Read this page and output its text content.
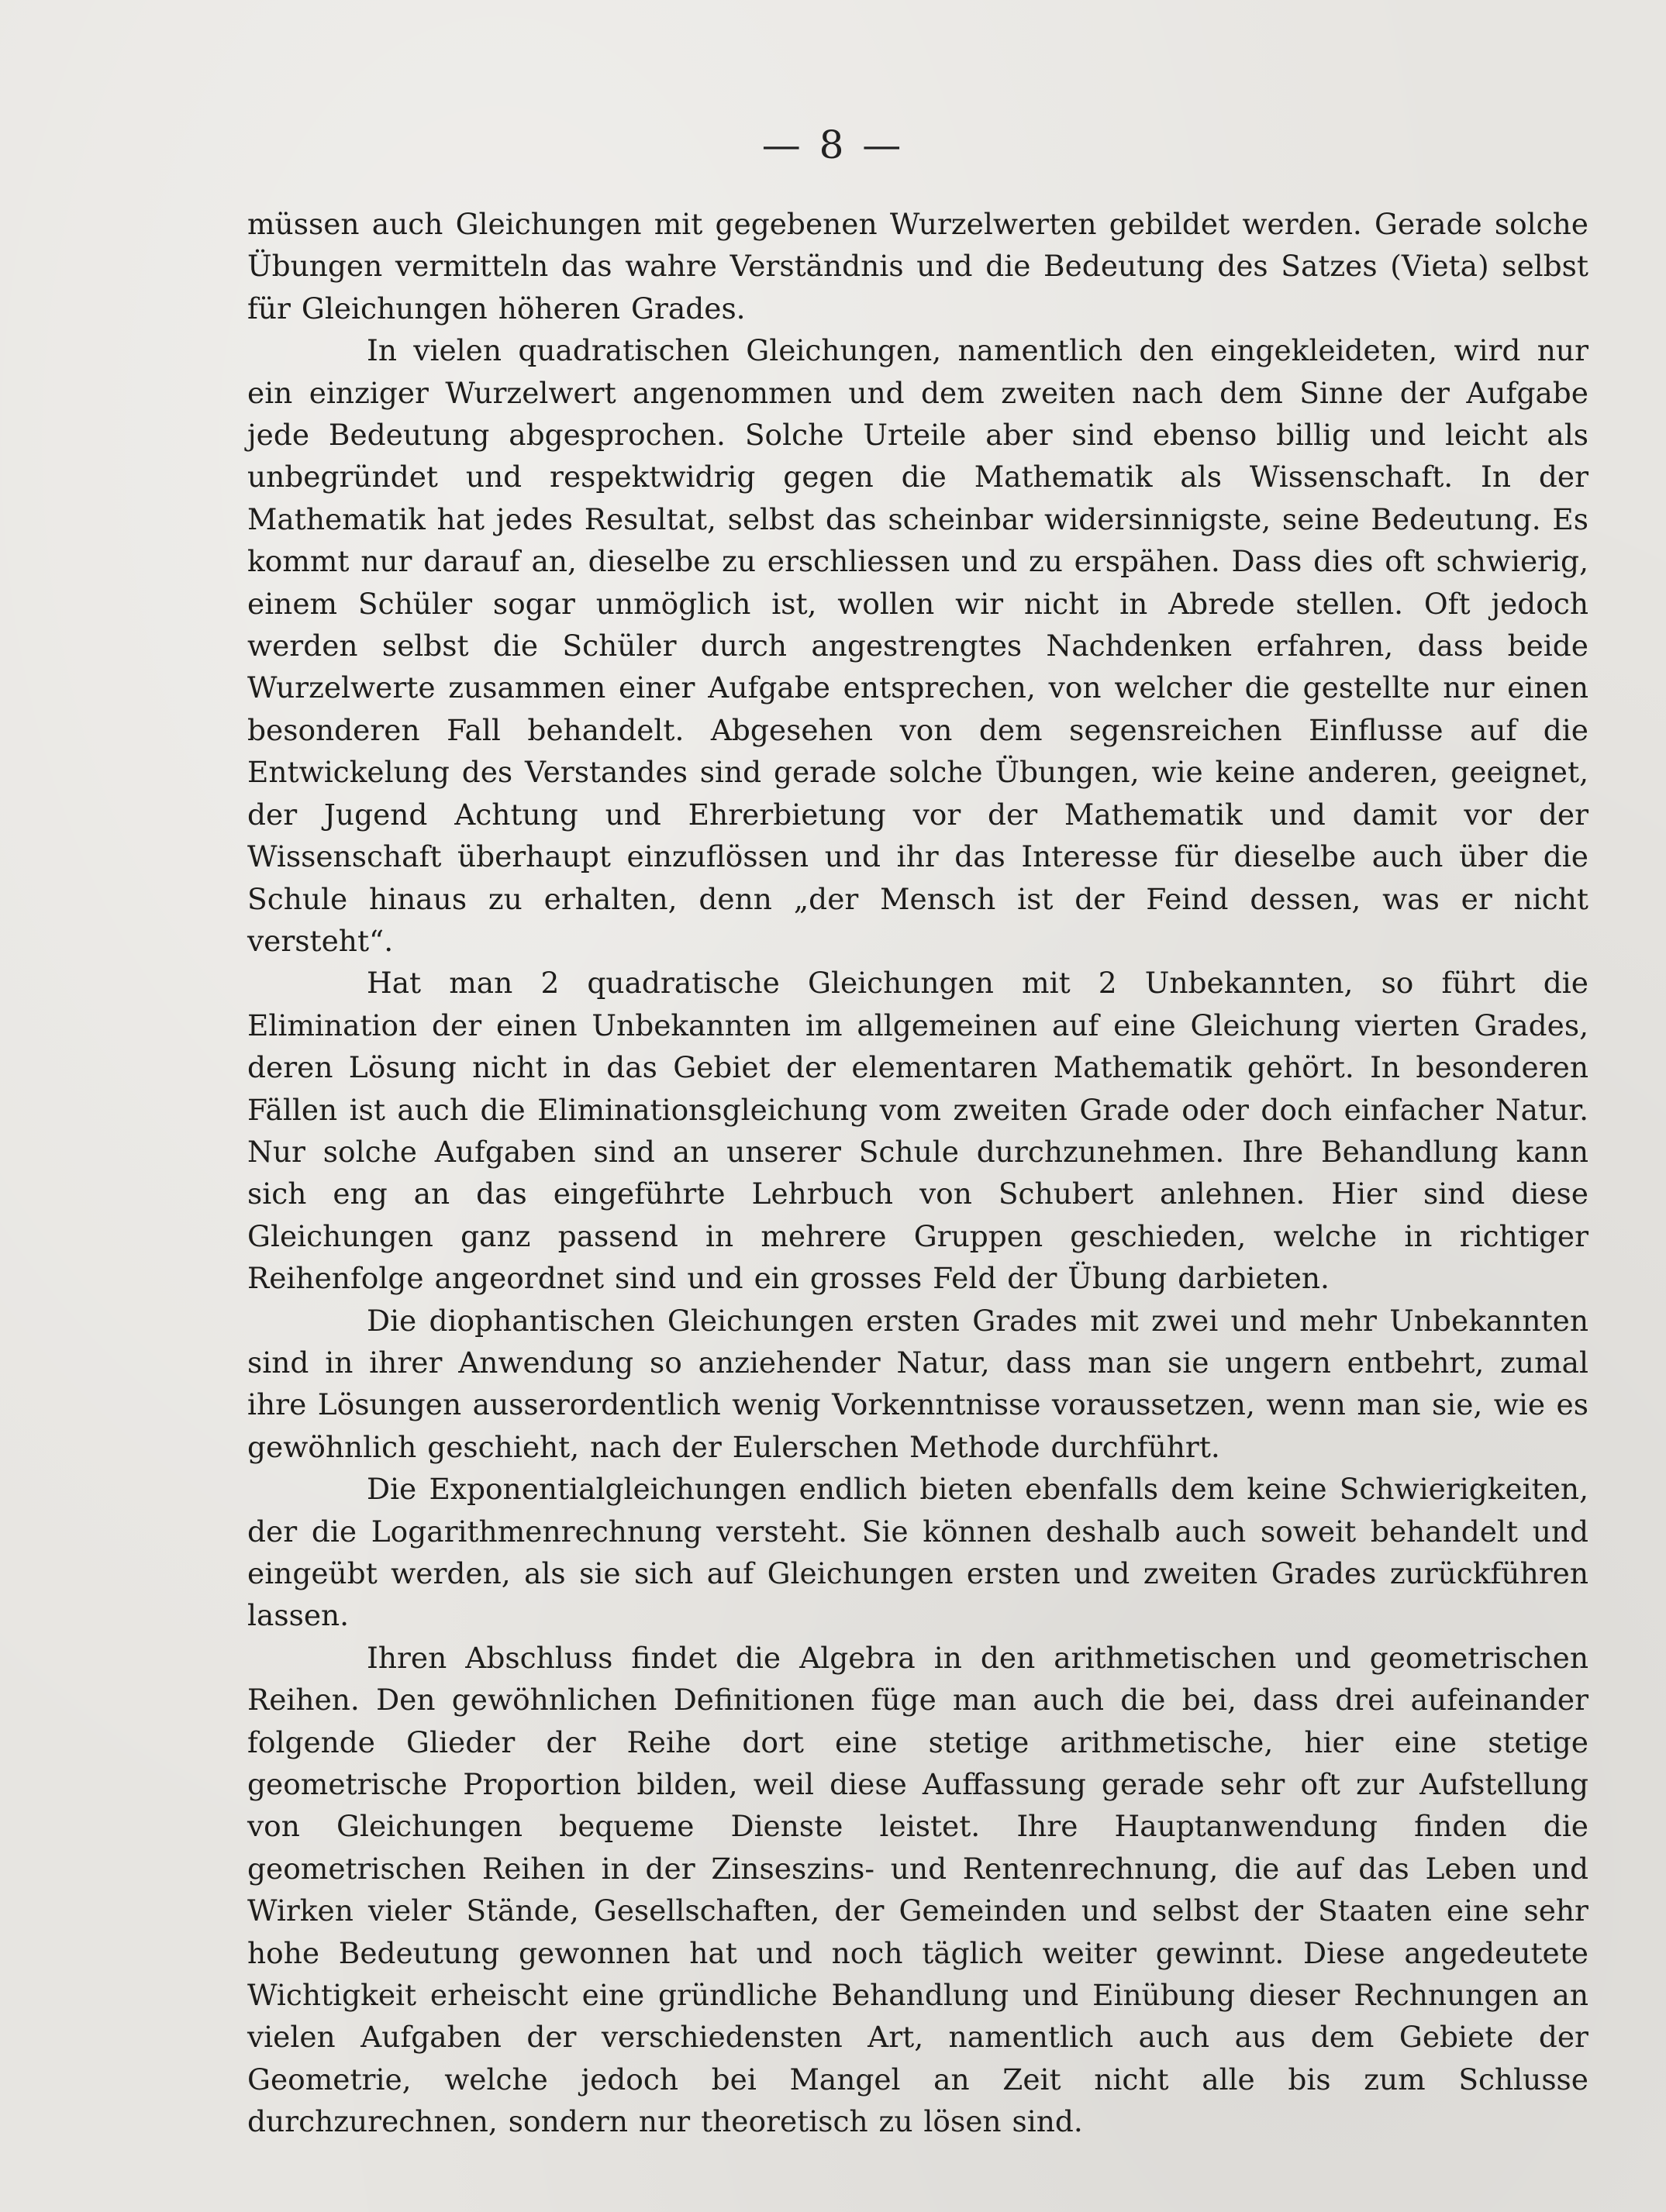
— 8 —

müssen auch Gleichungen mit gegebenen Wurzelwerten gebildet werden. Gerade solche Übungen vermitteln das wahre Verständnis und die Bedeutung des Satzes (Vieta) selbst für Gleichungen höheren Grades.

In vielen quadratischen Gleichungen, namentlich den eingekleideten, wird nur ein einziger Wurzelwert angenommen und dem zweiten nach dem Sinne der Aufgabe jede Bedeutung abgesprochen. Solche Urteile aber sind ebenso billig und leicht als unbegründet und respektwidrig gegen die Mathematik als Wissenschaft. In der Mathematik hat jedes Resultat, selbst das scheinbar widersinnigste, seine Bedeutung. Es kommt nur darauf an, dieselbe zu erschliessen und zu erspähen. Dass dies oft schwierig, einem Schüler sogar unmöglich ist, wollen wir nicht in Abrede stellen. Oft jedoch werden selbst die Schüler durch angestrengtes Nachdenken erfahren, dass beide Wurzelwerte zusammen einer Aufgabe entsprechen, von welcher die gestellte nur einen besonderen Fall behandelt. Abgesehen von dem segensreichen Einflusse auf die Entwickelung des Verstandes sind gerade solche Übungen, wie keine anderen, geeignet, der Jugend Achtung und Ehrerbietung vor der Mathematik und damit vor der Wissenschaft überhaupt einzuflössen und ihr das Interesse für dieselbe auch über die Schule hinaus zu erhalten, denn „der Mensch ist der Feind dessen, was er nicht versteht“.

Hat man 2 quadratische Gleichungen mit 2 Unbekannten, so führt die Elimination der einen Unbekannten im allgemeinen auf eine Gleichung vierten Grades, deren Lösung nicht in das Gebiet der elementaren Mathematik gehört. In besonderen Fällen ist auch die Eliminationsgleichung vom zweiten Grade oder doch einfacher Natur. Nur solche Aufgaben sind an unserer Schule durchzunehmen. Ihre Behandlung kann sich eng an das eingeführte Lehrbuch von Schubert anlehnen. Hier sind diese Gleichungen ganz passend in mehrere Gruppen geschieden, welche in richtiger Reihenfolge angeordnet sind und ein grosses Feld der Übung darbieten.

Die diophantischen Gleichungen ersten Grades mit zwei und mehr Unbekannten sind in ihrer Anwendung so anziehender Natur, dass man sie ungern entbehrt, zumal ihre Lösungen ausserordentlich wenig Vorkenntnisse voraussetzen, wenn man sie, wie es gewöhnlich geschieht, nach der Eulerschen Methode durchführt.

Die Exponentialgleichungen endlich bieten ebenfalls dem keine Schwierigkeiten, der die Logarithmenrechnung versteht. Sie können deshalb auch soweit behandelt und eingeübt werden, als sie sich auf Gleichungen ersten und zweiten Grades zurückführen lassen.

Ihren Abschluss findet die Algebra in den arithmetischen und geometrischen Reihen. Den gewöhnlichen Definitionen füge man auch die bei, dass drei aufeinander folgende Glieder der Reihe dort eine stetige arithmetische, hier eine stetige geometrische Proportion bilden, weil diese Auffassung gerade sehr oft zur Aufstellung von Gleichungen bequeme Dienste leistet. Ihre Hauptanwendung finden die geometrischen Reihen in der Zinseszins- und Rentenrechnung, die auf das Leben und Wirken vieler Stände, Gesellschaften, der Gemeinden und selbst der Staaten eine sehr hohe Bedeutung gewonnen hat und noch täglich weiter gewinnt. Diese angedeutete Wichtigkeit erheischt eine gründliche Behandlung und Einübung dieser Rechnungen an vielen Aufgaben der verschiedensten Art, namentlich auch aus dem Gebiete der Geometrie, welche jedoch bei Mangel an Zeit nicht alle bis zum Schlusse durchzurechnen, sondern nur theoretisch zu lösen sind.
